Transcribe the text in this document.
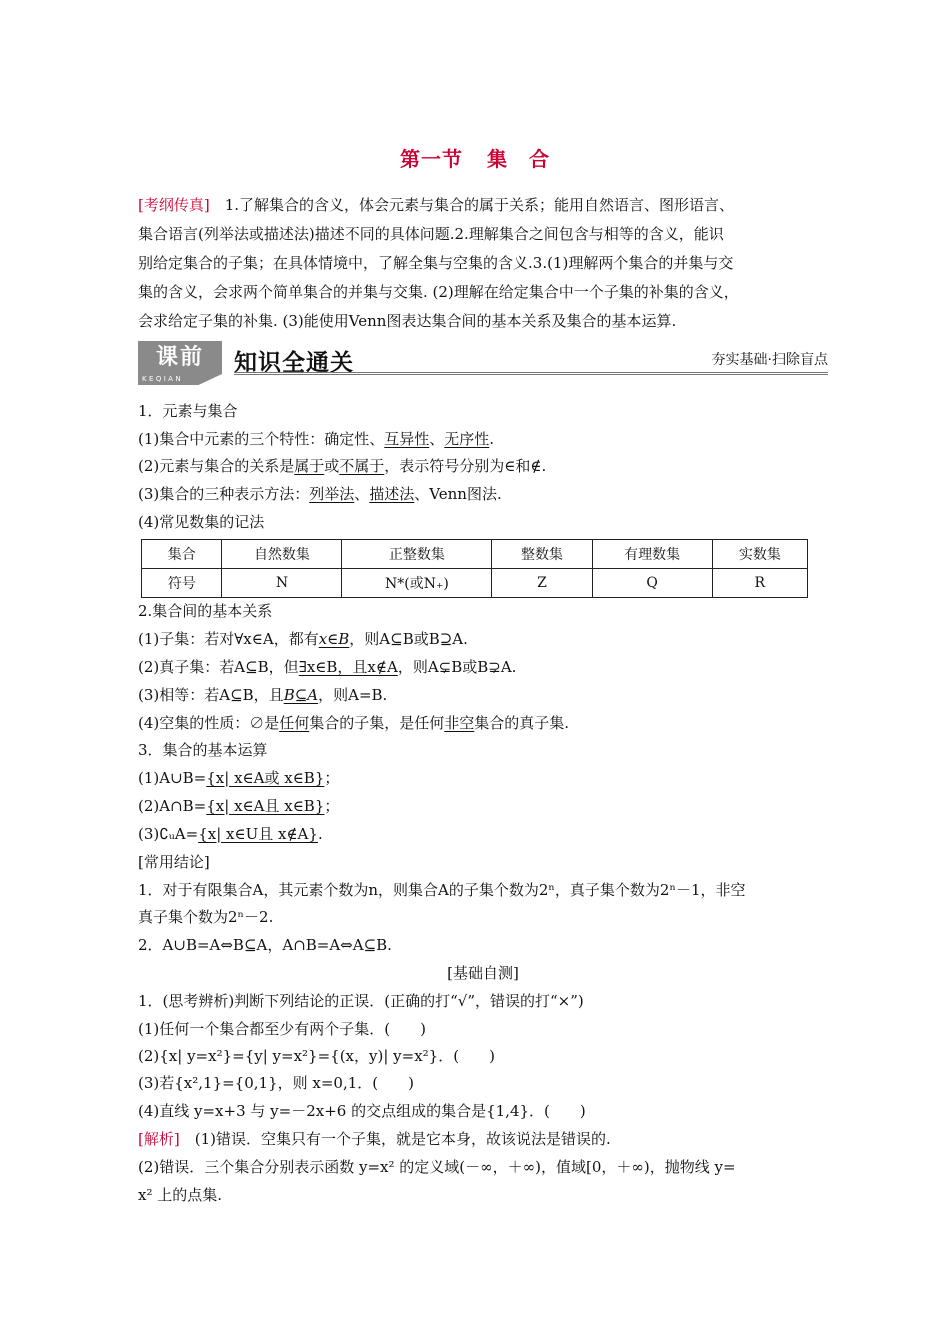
第一节 集　合
[考纲传真]　 1.了解集合的含义，体会元素与集合的属于关系；能用自然语言、图形语言、
集合语言(列举法或描述法)描述不同的具体问题.2.理解集合之间包含与相等的含义，能识
别给定集合的子集；在具体情境中，了解全集与空集的含义.3.(1)理解两个集合的并集与交
集的含义，会求两个简单集合的并集与交集. (2)理解在给定集合中一个子集的补集的含义，
会求给定子集的补集. (3)能使用Venn图表达集合间的基本关系及集合的基本运算.
课前
KEQIAN
知识全通关	夯实基础·扫除盲点
1．元素与集合
(1)集合中元素的三个特性：确定性、互异性、无序性.
(2)元素与集合的关系是属于或不属于，表示符号分别为∈和∉.
(3)集合的三种表示方法：列举法、描述法、Venn图法.
(4)常见数集的记法
集合	自然数集	正整数集	整数集	有理数集	实数集
符号	N	N*(或N₊)	Z	Q	R
2.集合间的基本关系
(1)子集：若对∀x∈A，都有x∈B，则A⊆B或B⊇A.
(2)真子集：若A⊆B，但∃x∈B，且x∉A，则A⊊B或B⊋A.
(3)相等：若A⊆B，且B⊆A，则A=B.
(4)空集的性质：∅是任何集合的子集，是任何非空集合的真子集.
3．集合的基本运算
(1)A∪B={x| x∈A或 x∈B}；
(2)A∩B={x| x∈A且 x∈B}；
(3)∁ᵤA={x| x∈U且 x∉A}.
[常用结论]
1．对于有限集合A，其元素个数为n，则集合A的子集个数为2ⁿ，真子集个数为2ⁿ－1，非空
真子集个数为2ⁿ－2.
2．A∪B=A⇔B⊆A，A∩B=A⇔A⊆B.
[基础自测]
1．(思考辨析)判断下列结论的正误．(正确的打“√”，错误的打“×”)
(1)任何一个集合都至少有两个子集．(　　)
(2){x| y=x²}={y| y=x²}={(x，y)| y=x²}．(　　)
(3)若{x²,1}={0,1}，则 x=0,1．(　　)
(4)直线 y=x+3 与 y=－2x+6 的交点组成的集合是{1,4}．(　　)
[解析]　(1)错误．空集只有一个子集，就是它本身，故该说法是错误的.
(2)错误．三个集合分别表示函数 y=x² 的定义域(－∞，＋∞)，值域[0，＋∞)，抛物线 y=
x² 上的点集.
